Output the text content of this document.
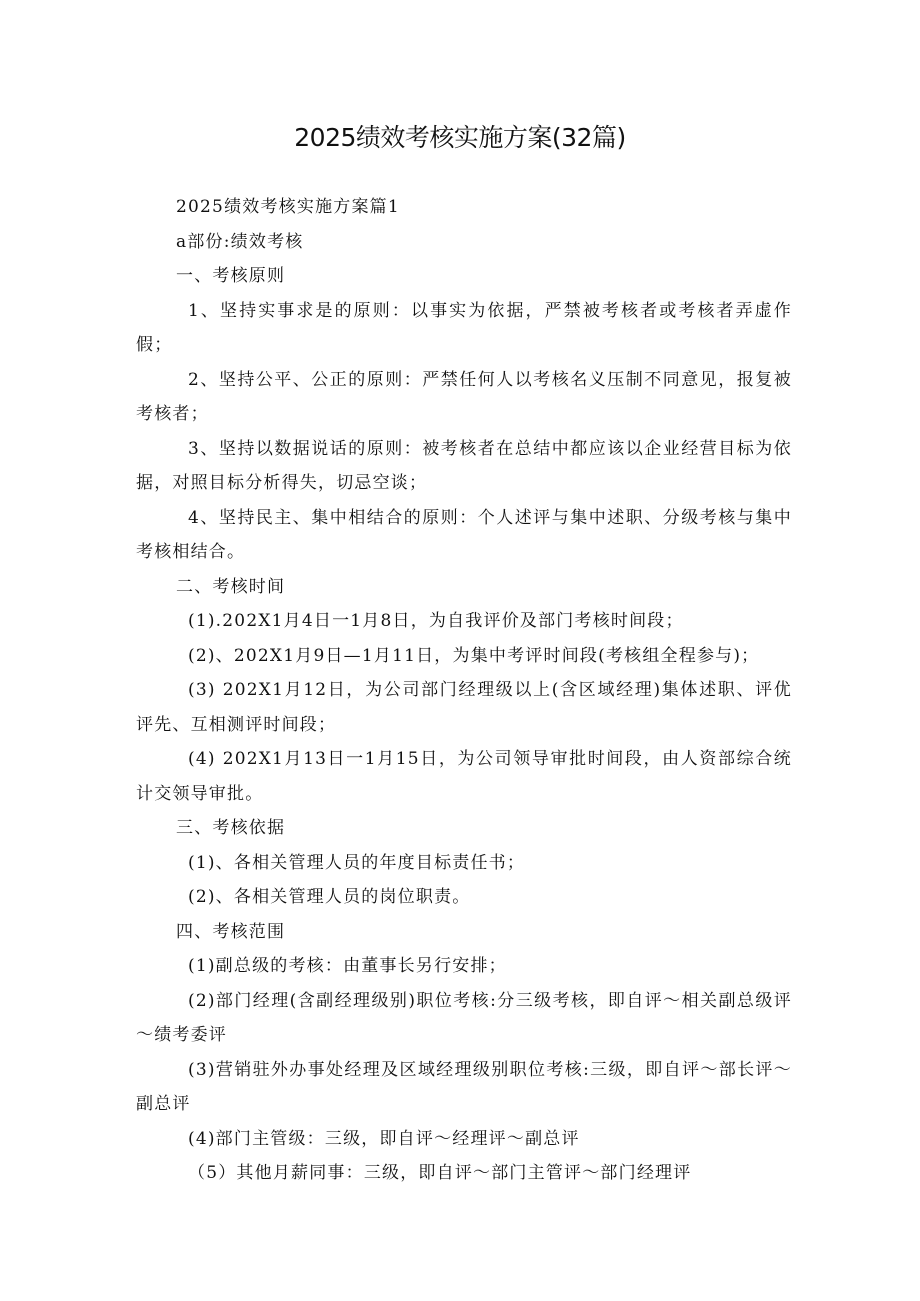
2025绩效考核实施方案(32篇)

2025绩效考核实施方案篇1

a部份:绩效考核

一、考核原则

1、坚持实事求是的原则：以事实为依据，严禁被考核者或考核者弄虚作假；

2、坚持公平、公正的原则：严禁任何人以考核名义压制不同意见，报复被考核者；

3、坚持以数据说话的原则：被考核者在总结中都应该以企业经营目标为依据，对照目标分析得失，切忌空谈；

4、坚持民主、集中相结合的原则：个人述评与集中述职、分级考核与集中考核相结合。

二、考核时间

(1).202X1月4日一1月8日，为自我评价及部门考核时间段；

(2)、202X1月9日—1月11日，为集中考评时间段(考核组全程参与)；

(3) 202X1月12日，为公司部门经理级以上(含区域经理)集体述职、评优评先、互相测评时间段；

(4) 202X1月13日一1月15日，为公司领导审批时间段，由人资部综合统计交领导审批。

三、考核依据

(1)、各相关管理人员的年度目标责任书；

(2)、各相关管理人员的岗位职责。

四、考核范围

(1)副总级的考核：由董事长另行安排；

(2)部门经理(含副经理级别)职位考核:分三级考核，即自评～相关副总级评～绩考委评

(3)营销驻外办事处经理及区域经理级别职位考核:三级，即自评～部长评～副总评

(4)部门主管级：三级，即自评～经理评～副总评

（5）其他月薪同事：三级，即自评～部门主管评～部门经理评
